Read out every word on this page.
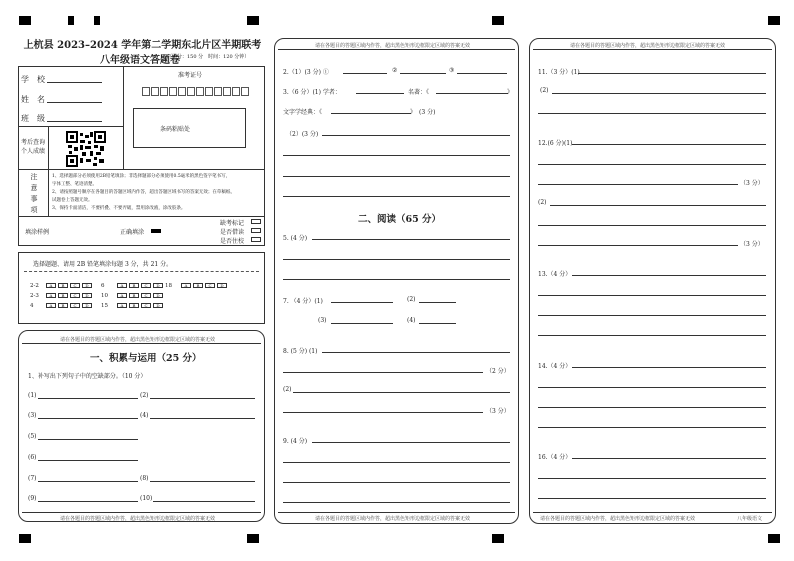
上杭县 2023–2024 学年第二学期东北片区半期联考
八年级语文答题卷
（满分：150 分　时间：120 分钟）
学　校
姓　名
班　级
准考证号
条码粘贴处
考后查询
个人成绩
注
意
事
项
1、选择题部分必须使用2B铅笔填涂；非选择题部分必须使用0.5毫米的黑色签字笔书写，
字体工整、笔迹清楚。
2、请按照题号顺序在各题目的答题区域内作答，超出答题区域书写的答案无效；在草稿纸、
试题卷上答题无效。
3、保持卡面清洁，不要折叠、不要弄破，禁用涂改液，涂改胶条。
填涂样例	正确填涂
缺考标记
是否借读
是否住校
选择题题、请用 2B 铅笔填涂每题 3 分，共 21 分。
2-2	A B C D	6	A B C D 18	A B C D
2-3	A B C D	10	A B C D
4	A B C D	15	A B C D
请在各题目的答题区域内作答，超出黑色矩形边框限定区域的答案无效
一、积累与运用（25 分）
1、补写出下列句子中的空缺部分。（10 分）
(1)	(2)
(3)	(4)
(5)
(6)
(7)	(8)
(9)	(10)
请在各题目的答题区域内作答，超出黑色矩形边框限定区域的答案无效
请在各题目的答题区域内作答，超出黑色矩形边框限定区域的答案无效
2.（1）(3 分) ①	②	③
3.（6 分）(1) 学者：	名著：《	》
文字学经典：《	》　(3 分)
（2）(3 分)
二、阅读（65 分）
5. (4 分)
7. （4 分）(1)	(2)
(3)	(4)
8. (5 分) (1)
（2 分）
(2)
（3 分）
9. (4 分)
请在各题目的答题区域内作答，超出黑色矩形边框限定区域的答案无效
请在各题目的答题区域内作答，超出黑色矩形边框限定区域的答案无效
11.（3 分）(1)
(2)
12.(6 分)(1)
（3 分）
(2)
（3 分）
13.（4 分）
14.（4 分）
16.（4 分）
请在各题目的答题区域内作答，超出黑色矩形边框限定区域的答案无效	八年级语文
